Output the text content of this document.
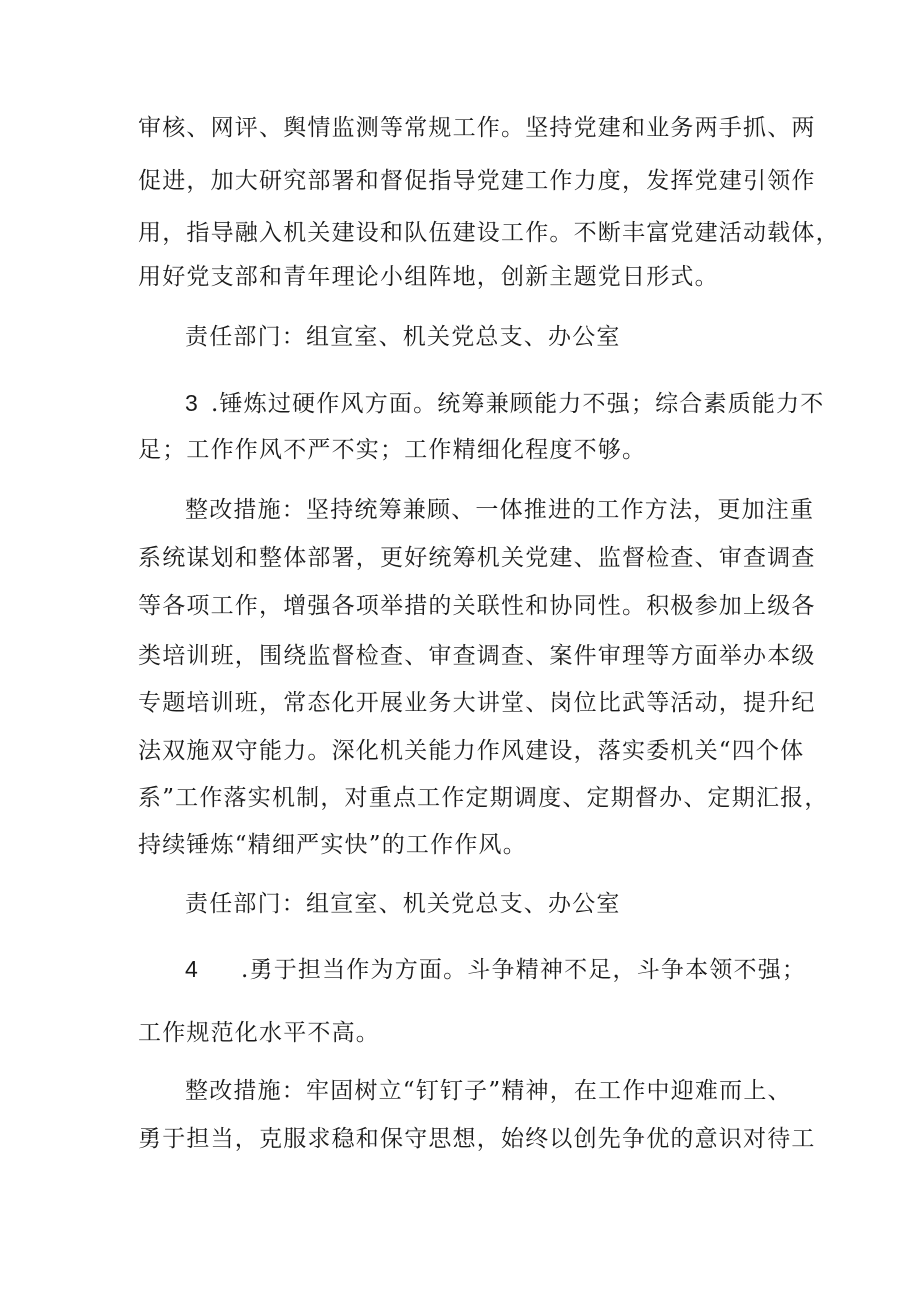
审核、网评、舆情监测等常规工作。坚持党建和业务两手抓、两
促进，加大研究部署和督促指导党建工作力度，发挥党建引领作
用，指导融入机关建设和队伍建设工作。不断丰富党建活动载体，
用好党支部和青年理论小组阵地，创新主题党日形式。
责任部门：组宣室、机关党总支、办公室
3 .锤炼过硬作风方面。统筹兼顾能力不强；综合素质能力不
足；工作作风不严不实；工作精细化程度不够。
整改措施：坚持统筹兼顾、一体推进的工作方法，更加注重
系统谋划和整体部署，更好统筹机关党建、监督检查、审查调查
等各项工作，增强各项举措的关联性和协同性。积极参加上级各
类培训班，围绕监督检查、审查调查、案件审理等方面举办本级
专题培训班，常态化开展业务大讲堂、岗位比武等活动，提升纪
法双施双守能力。深化机关能力作风建设，落实委机关“四个体
系”工作落实机制，对重点工作定期调度、定期督办、定期汇报，
持续锤炼“精细严实快”的工作作风。
责任部门：组宣室、机关党总支、办公室
4 .勇于担当作为方面。斗争精神不足，斗争本领不强；
工作规范化水平不高。
整改措施：牢固树立“钉钉子”精神，在工作中迎难而上、
勇于担当，克服求稳和保守思想，始终以创先争优的意识对待工
